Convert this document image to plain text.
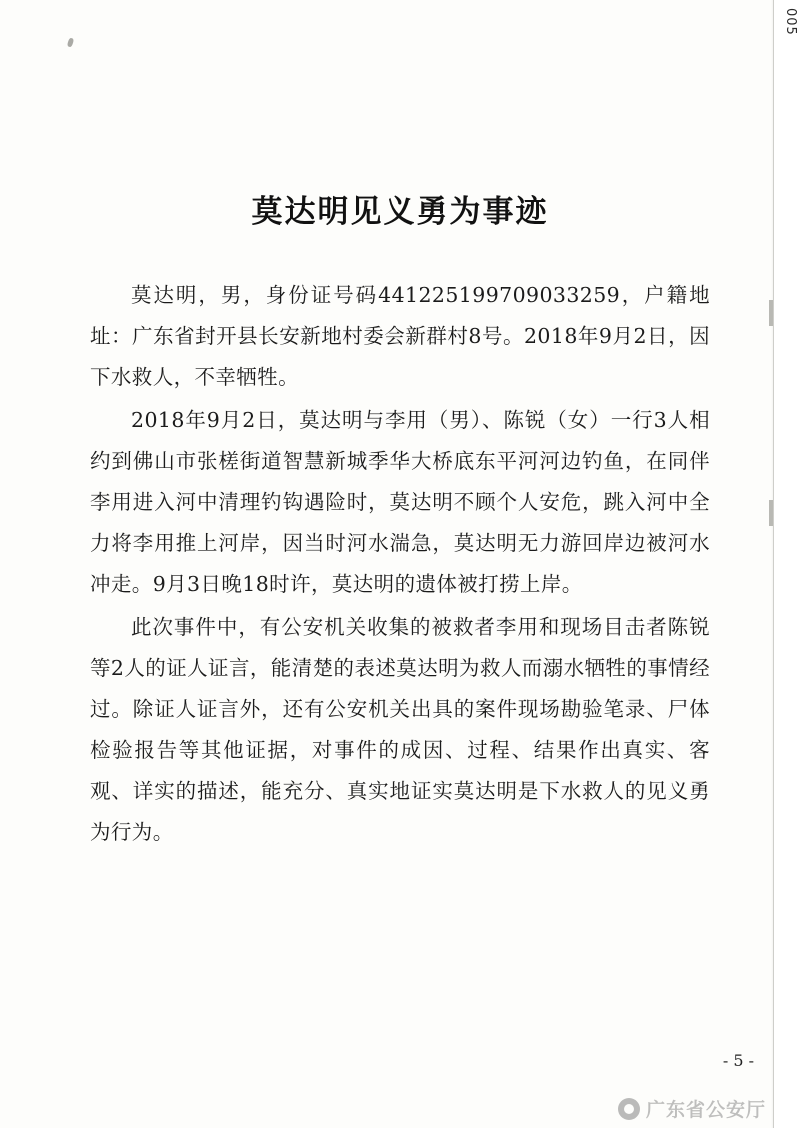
005
莫达明见义勇为事迹

莫达明，男，身份证号码441225199709033259，户籍地址：广东省封开县长安新地村委会新群村8号。2018年9月2日，因下水救人，不幸牺牲。

2018年9月2日，莫达明与李用（男）、陈锐（女）一行3人相约到佛山市张槎街道智慧新城季华大桥底东平河河边钓鱼，在同伴李用进入河中清理钓钩遇险时，莫达明不顾个人安危，跳入河中全力将李用推上河岸，因当时河水湍急，莫达明无力游回岸边被河水冲走。9月3日晚18时许，莫达明的遗体被打捞上岸。

此次事件中，有公安机关收集的被救者李用和现场目击者陈锐等2人的证人证言，能清楚的表述莫达明为救人而溺水牺牲的事情经过。除证人证言外，还有公安机关出具的案件现场勘验笔录、尸体检验报告等其他证据，对事件的成因、过程、结果作出真实、客观、详实的描述，能充分、真实地证实莫达明是下水救人的见义勇为行为。

- 5 -
广东省公安厅
